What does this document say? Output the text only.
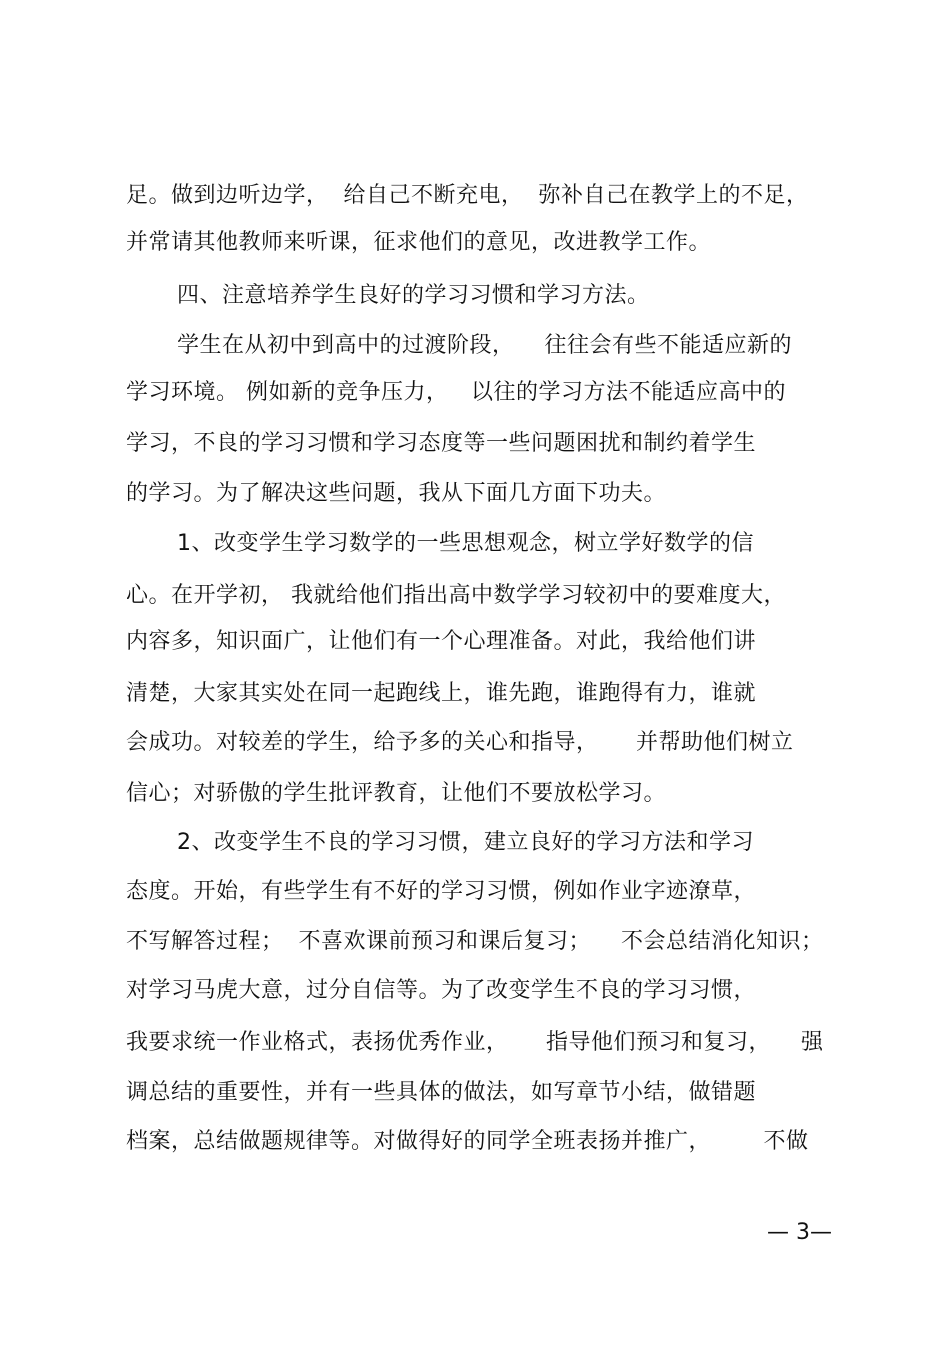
足。做到边听边学，  给自己不断充电，  弥补自己在教学上的不足，
并常请其他教师来听课，征求他们的意见，改进教学工作。
四、注意培养学生良好的学习习惯和学习方法。
学生在从初中到高中的过渡阶段，    往往会有些不能适应新的
学习环境。 例如新的竞争压力，   以往的学习方法不能适应高中的
学习，不良的学习习惯和学习态度等一些问题困扰和制约着学生
的学习。为了解决这些问题，我从下面几方面下功夫。
1、改变学生学习数学的一些思想观念，树立学好数学的信
心。在开学初， 我就给他们指出高中数学学习较初中的要难度大，
内容多，知识面广，让他们有一个心理准备。对此，我给他们讲
清楚，大家其实处在同一起跑线上，谁先跑，谁跑得有力，谁就
会成功。对较差的学生，给予多的关心和指导，     并帮助他们树立
信心；对骄傲的学生批评教育，让他们不要放松学习。
2、改变学生不良的学习习惯，建立良好的学习方法和学习
态度。开始，有些学生有不好的学习习惯，例如作业字迹潦草，
不写解答过程；  不喜欢课前预习和课后复习；    不会总结消化知识；
对学习马虎大意，过分自信等。为了改变学生不良的学习习惯，
我要求统一作业格式，表扬优秀作业，     指导他们预习和复习，    强
调总结的重要性，并有一些具体的做法，如写章节小结，做错题
档案，总结做题规律等。对做得好的同学全班表扬并推广，       不做
— 3—
